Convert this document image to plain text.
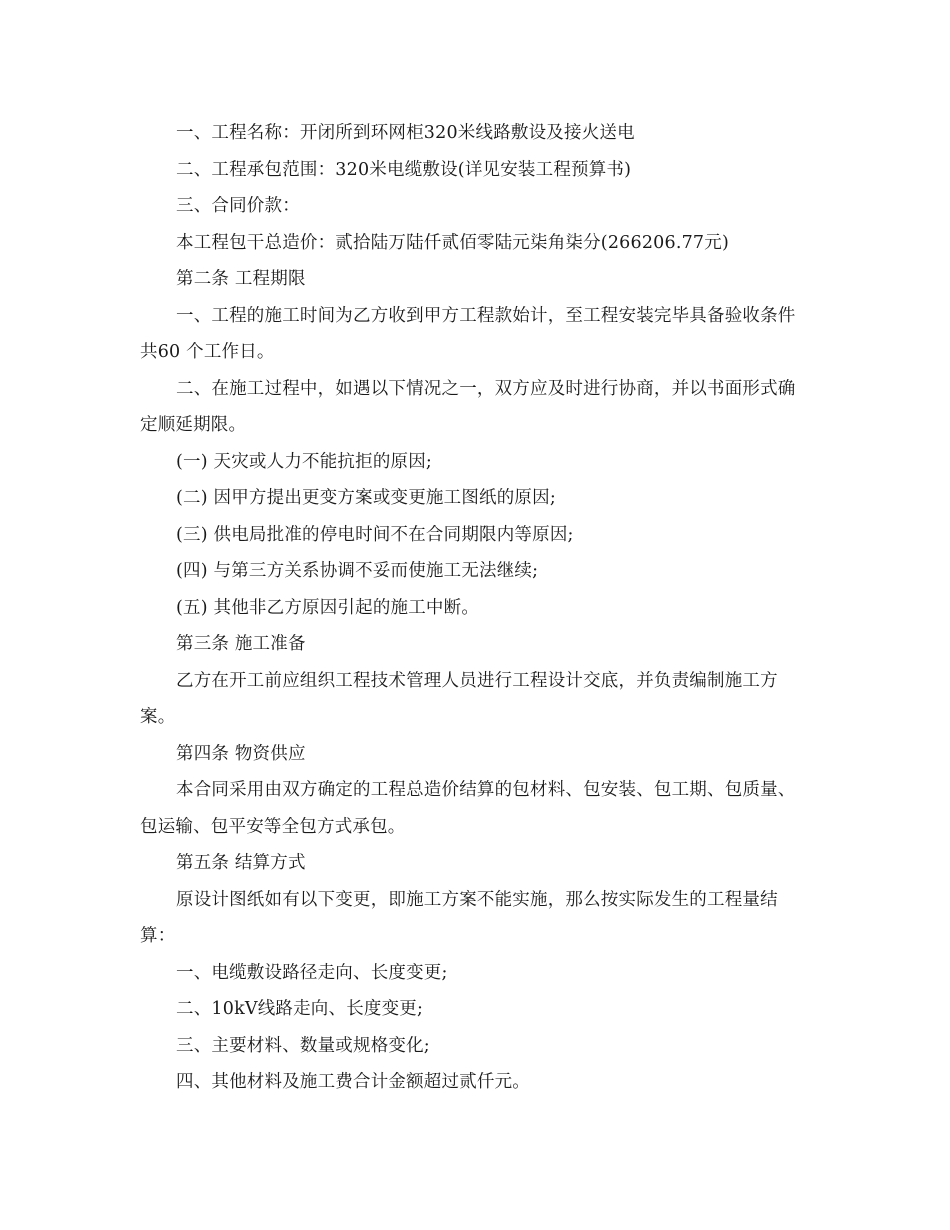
一、工程名称：开闭所到环网柜320米线路敷设及接火送电

二、工程承包范围：320米电缆敷设(详见安装工程预算书)

三、合同价款：

本工程包干总造价：贰拾陆万陆仟贰佰零陆元柒角柒分(266206.77元)

第二条 工程期限

一、工程的施工时间为乙方收到甲方工程款始计，至工程安装完毕具备验收条件共60 个工作日。

二、在施工过程中，如遇以下情况之一，双方应及时进行协商，并以书面形式确定顺延期限。

(一) 天灾或人力不能抗拒的原因;

(二) 因甲方提出更变方案或变更施工图纸的原因;

(三) 供电局批准的停电时间不在合同期限内等原因;

(四) 与第三方关系协调不妥而使施工无法继续;

(五) 其他非乙方原因引起的施工中断。

第三条 施工准备

乙方在开工前应组织工程技术管理人员进行工程设计交底，并负责编制施工方案。

第四条 物资供应

本合同采用由双方确定的工程总造价结算的包材料、包安装、包工期、包质量、包运输、包平安等全包方式承包。

第五条 结算方式

原设计图纸如有以下变更，即施工方案不能实施，那么按实际发生的工程量结算：

一、电缆敷设路径走向、长度变更;

二、10kV线路走向、长度变更;

三、主要材料、数量或规格变化;

四、其他材料及施工费合计金额超过贰仟元。
